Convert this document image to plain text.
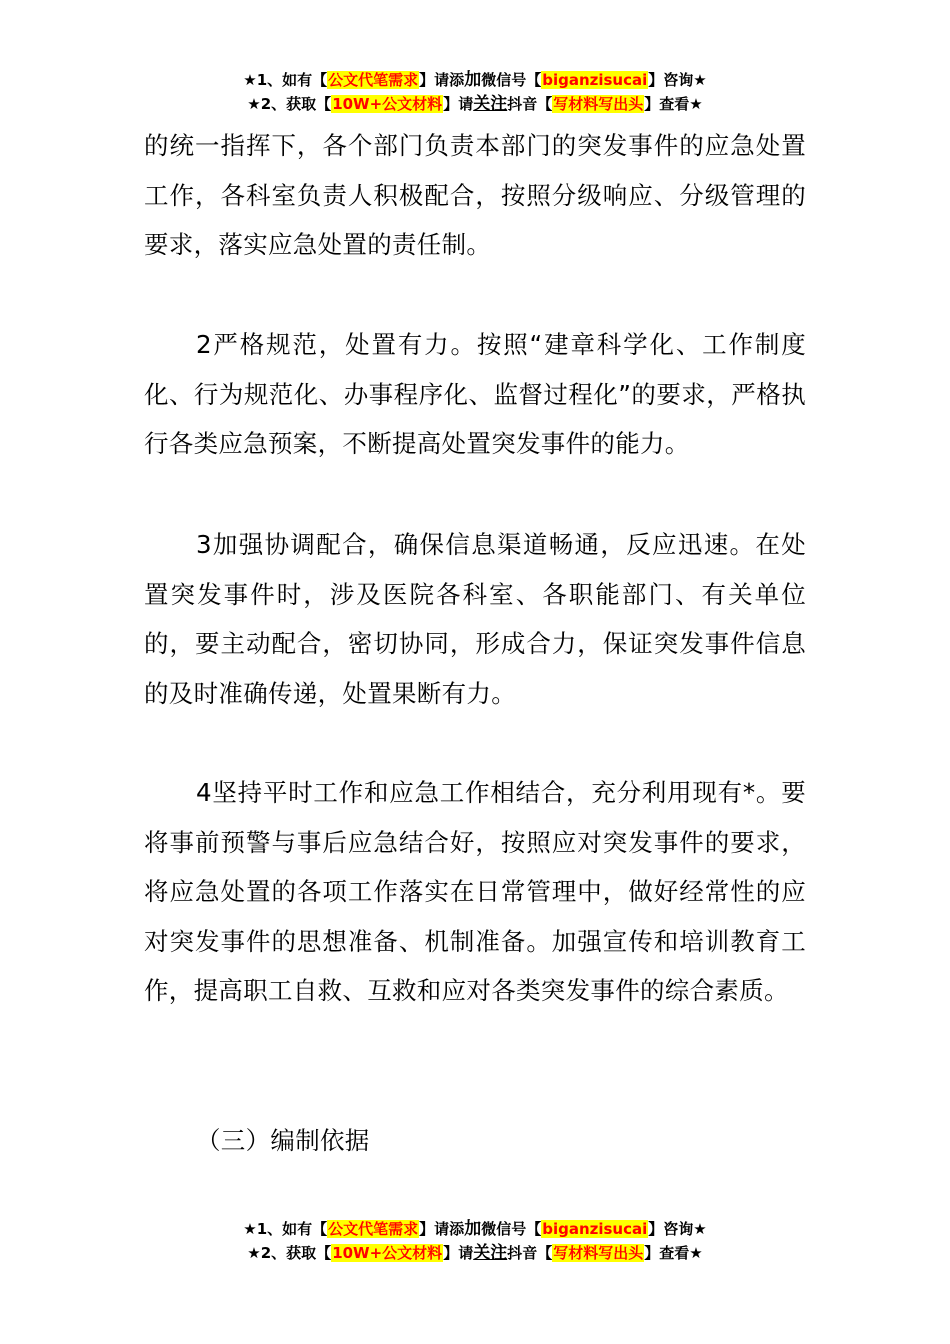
★1、如有【公文代笔需求】请添加微信号【biganzisucai】咨询★
★2、获取【10W+公文材料】请关注抖音【写材料写出头】查看★

的统一指挥下，各个部门负责本部门的突发事件的应急处置工作，各科室负责人积极配合，按照分级响应、分级管理的要求，落实应急处置的责任制。

2严格规范，处置有力。按照“建章科学化、工作制度化、行为规范化、办事程序化、监督过程化”的要求，严格执行各类应急预案，不断提高处置突发事件的能力。

3加强协调配合，确保信息渠道畅通，反应迅速。在处置突发事件时，涉及医院各科室、各职能部门、有关单位的，要主动配合，密切协同，形成合力，保证突发事件信息的及时准确传递，处置果断有力。

4坚持平时工作和应急工作相结合，充分利用现有*。要将事前预警与事后应急结合好，按照应对突发事件的要求，将应急处置的各项工作落实在日常管理中，做好经常性的应对突发事件的思想准备、机制准备。加强宣传和培训教育工作，提高职工自救、互救和应对各类突发事件的综合素质。

（三）编制依据

★1、如有【公文代笔需求】请添加微信号【biganzisucai】咨询★
★2、获取【10W+公文材料】请关注抖音【写材料写出头】查看★
